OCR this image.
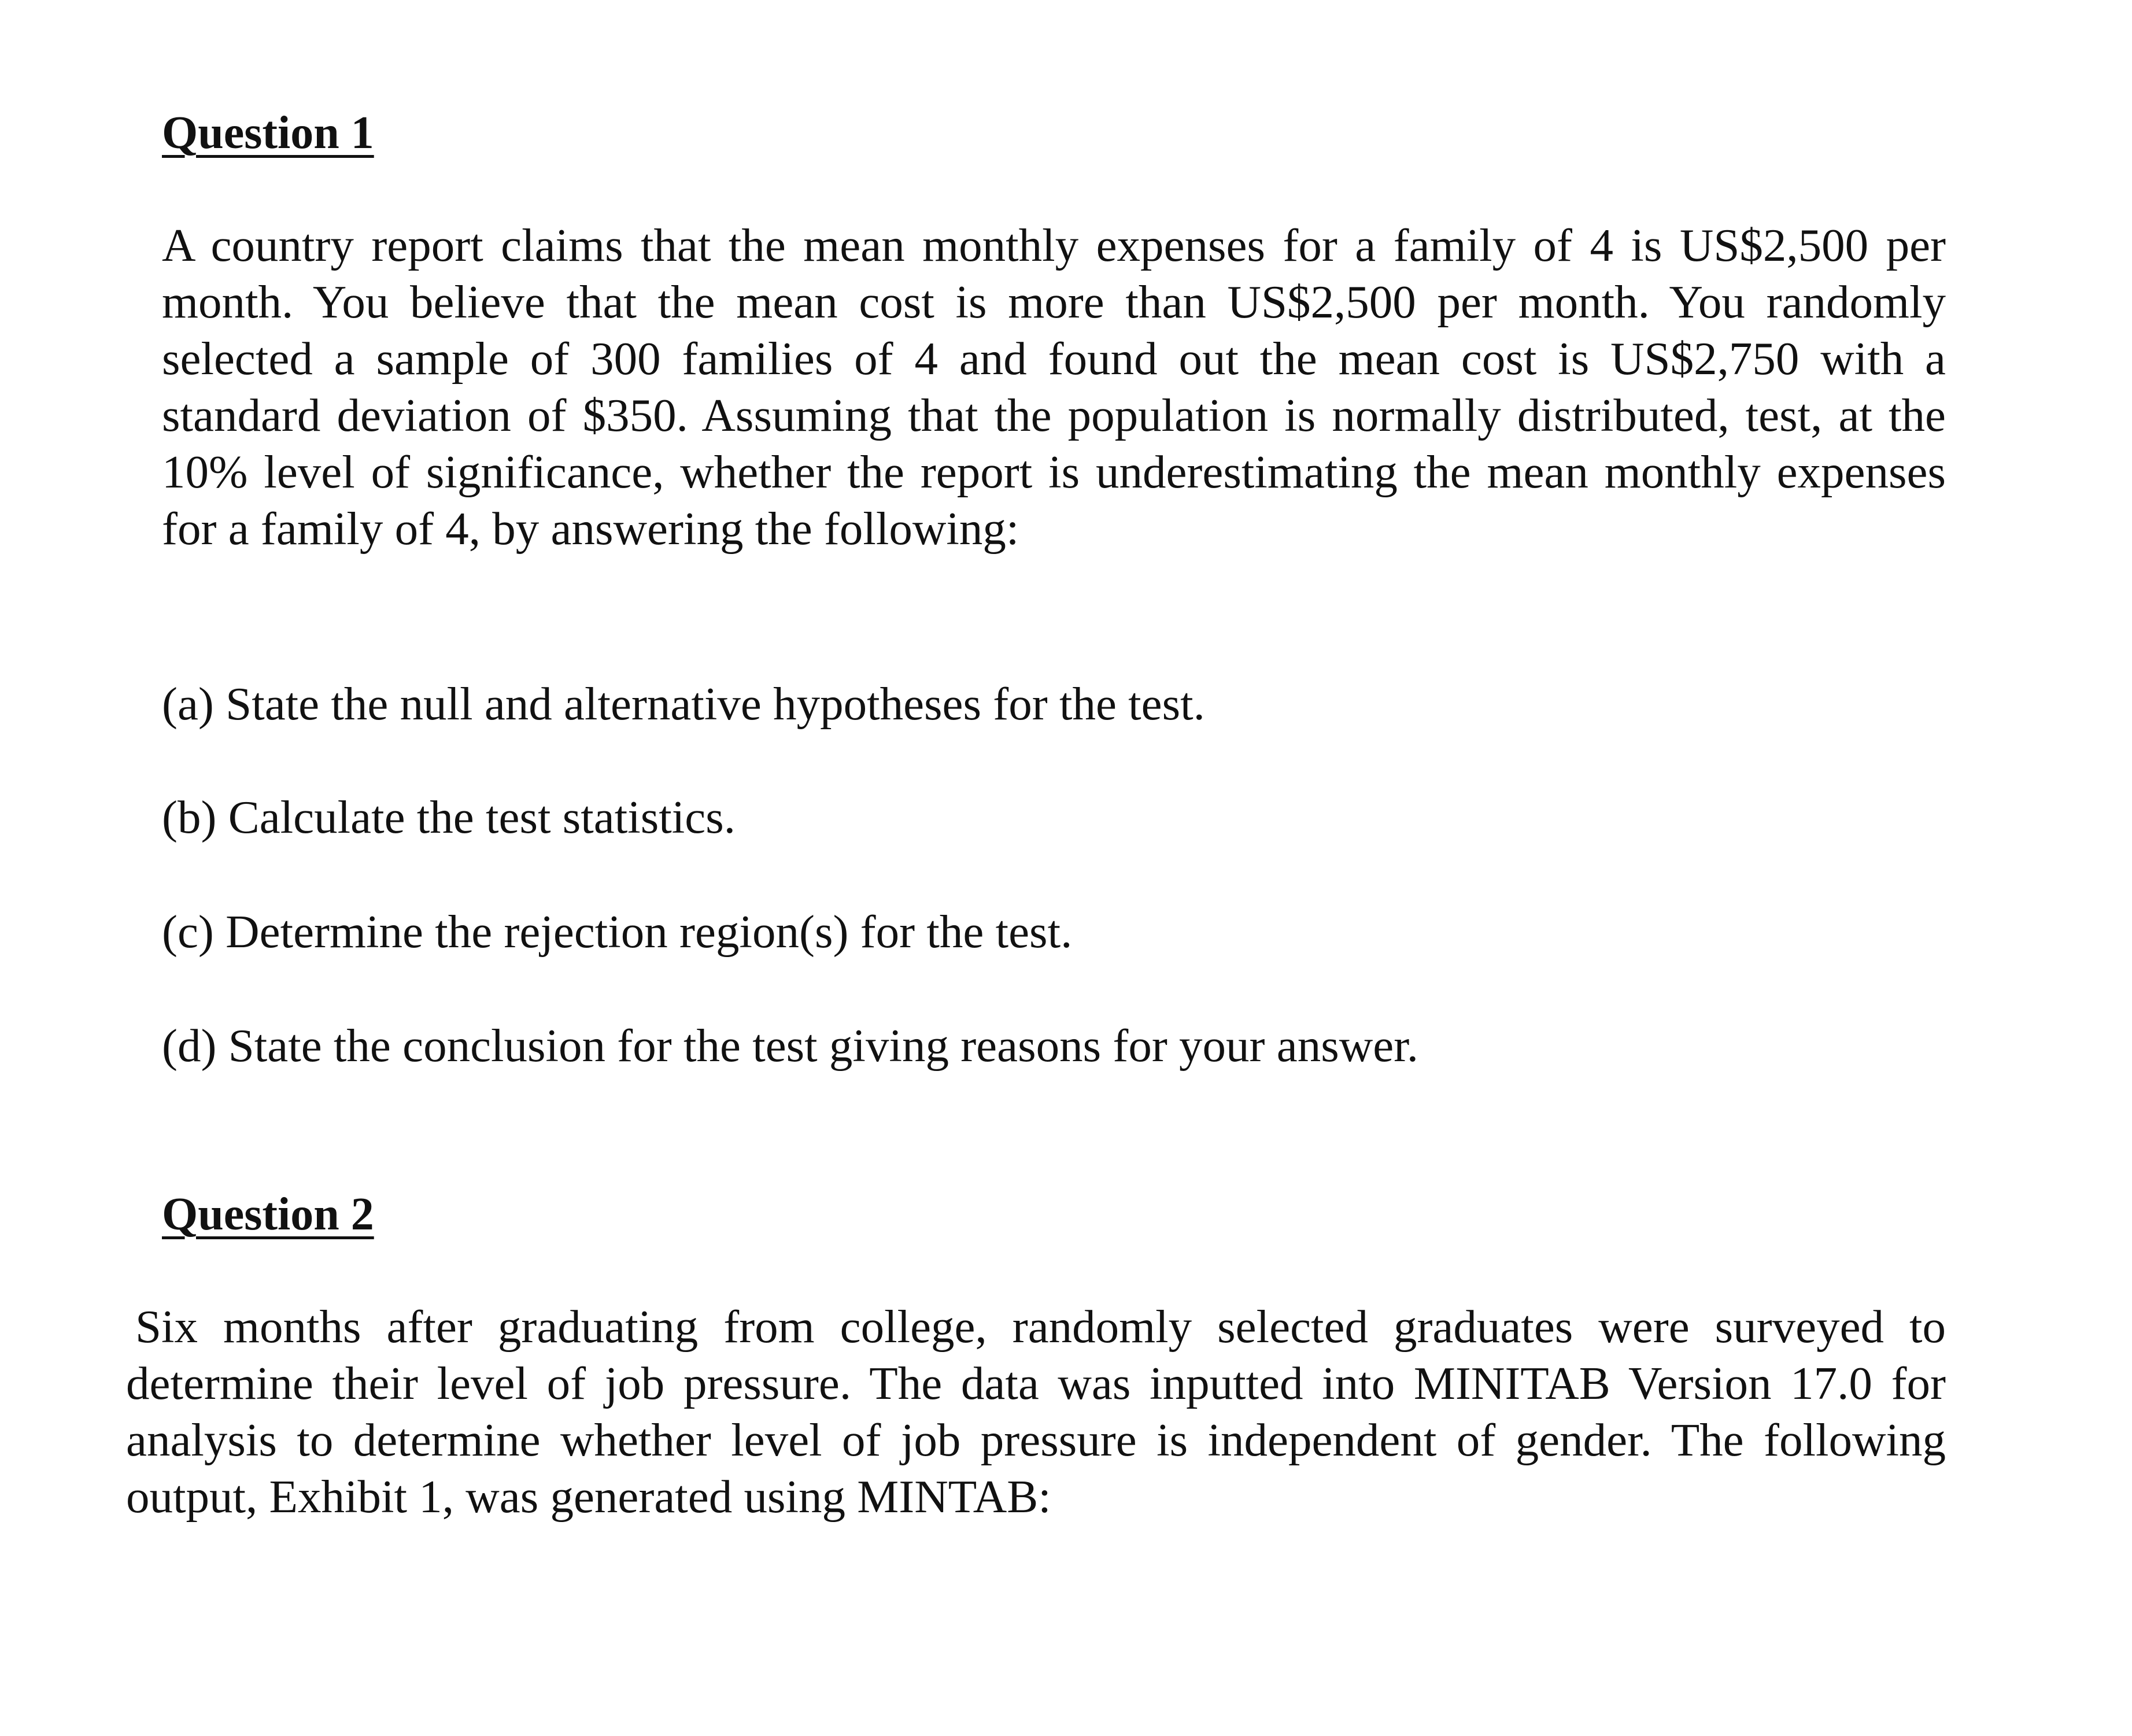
Question 1

A country report claims that the mean monthly expenses for a family of 4 is US$2,500 per month. You believe that the mean cost is more than US$2,500 per month. You randomly selected a sample of 300 families of 4 and found out the mean cost is US$2,750 with a standard deviation of $350. Assuming that the population is normally distributed, test, at the 10% level of significance, whether the report is underestimating the mean monthly expenses for a family of 4, by answering the following:

(a) State the null and alternative hypotheses for the test.

(b) Calculate the test statistics.

(c) Determine the rejection region(s) for the test.

(d) State the conclusion for the test giving reasons for your answer.

Question 2

Six months after graduating from college, randomly selected graduates were surveyed to determine their level of job pressure. The data was inputted into MINITAB Version 17.0 for analysis to determine whether level of job pressure is independent of gender. The following output, Exhibit 1, was generated using MINTAB:
